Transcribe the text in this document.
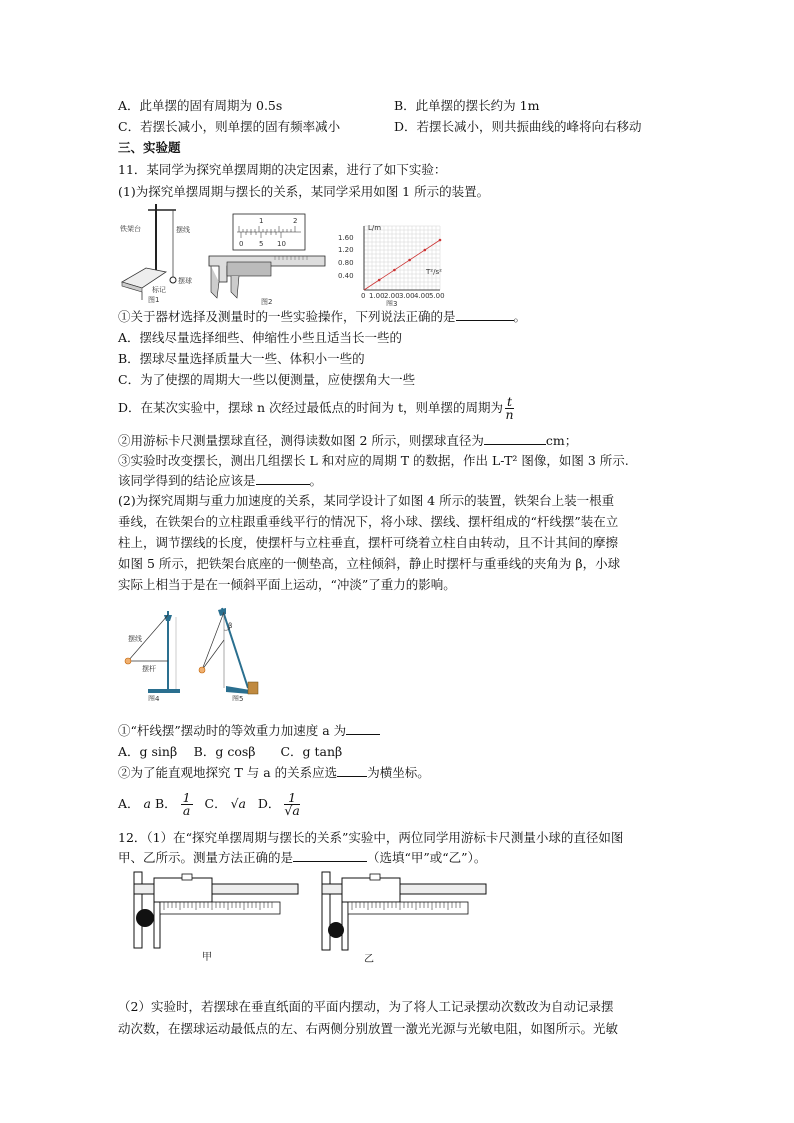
A．此单摆的固有周期为 0.5s	B．此单摆的摆长约为 1m
C．若摆长减小，则单摆的固有频率减小	D．若摆长减小，则共振曲线的峰将向右移动
三、实验题
11．某同学为探究单摆周期的决定因素，进行了如下实验：
(1)为探究单摆周期与摆长的关系，某同学采用如图 1 所示的装置。
铁架台	摆线
摆球
标记
图1
1	2
0 5 10
图2
L/m
1.60
1.20
0.80
0.40	T²/s²
0 1.00 2.00 3.00 4.00 5.00
图3
①关于器材选择及测量时的一些实验操作，下列说法正确的是	。
A．摆线尽量选择细些、伸缩性小些且适当长一些的
B．摆球尽量选择质量大一些、体积小一些的
C．为了使摆的周期大一些以便测量，应使摆角大一些
D．在某次实验中，摆球 n 次经过最低点的时间为 t，则单摆的周期为 $\frac{t}{n}$
②用游标卡尺测量摆球直径，测得读数如图 2 所示，则摆球直径为	cm；
③实验时改变摆长，测出几组摆长 L 和对应的周期 T 的数据，作出 L-T² 图像，如图 3 所示.
该同学得到的结论应该是	。
(2)为探究周期与重力加速度的关系，某同学设计了如图 4 所示的装置，铁架台上装一根重
垂线，在铁架台的立柱跟重垂线平行的情况下，将小球、摆线、摆杆组成的“杆线摆”装在立
柱上，调节摆线的长度，使摆杆与立柱垂直，摆杆可绕着立柱自由转动，且不计其间的摩擦
如图 5 所示，把铁架台底座的一侧垫高，立柱倾斜，静止时摆杆与重垂线的夹角为 β，小球
实际上相当于是在一倾斜平面上运动，“冲淡”了重力的影响。
摆线
摆杆
图4
β
图5
①“杆线摆”摆动时的等效重力加速度 a 为
A．g sinβ　 B．g cosβ　　C．g tanβ
②为了能直观地探究 T 与 a 的关系应选 为横坐标。
A． a B． $\frac{1}{a}$ C． √a D． $\frac{1}{√a}$
12．（1）在“探究单摆周期与摆长的关系”实验中，两位同学用游标卡尺测量小球的直径如图
甲、乙所示。测量方法正确的是	（选填“甲”或“乙”）。
甲	乙
（2）实验时，若摆球在垂直纸面的平面内摆动，为了将人工记录摆动次数改为自动记录摆
动次数，在摆球运动最低点的左、右两侧分别放置一激光光源与光敏电阻，如图所示。光敏
